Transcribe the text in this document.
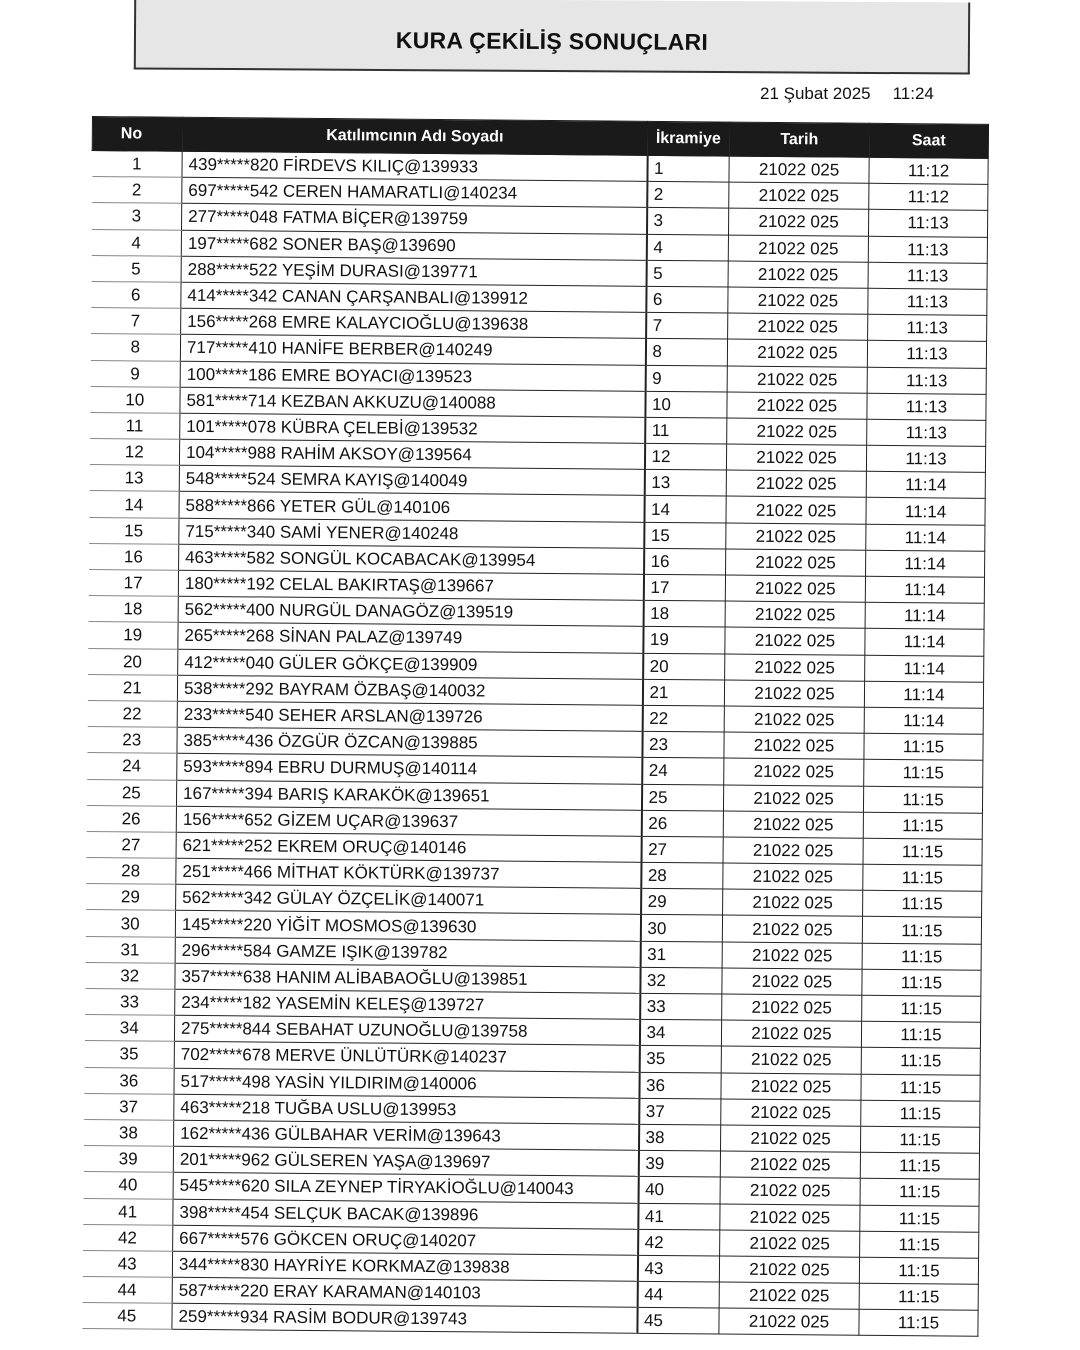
KURA ÇEKİLİŞ SONUÇLARI
21 Şubat 2025 11:24
No	Katılımcının Adı Soyadı	İkramiye	Tarih	Saat
1	439*****820 FİRDEVS KILIÇ@139933	1	21022 025	11:12
2	697*****542 CEREN HAMARATLI@140234	2	21022 025	11:12
3	277*****048 FATMA BİÇER@139759	3	21022 025	11:13
4	197*****682 SONER BAŞ@139690	4	21022 025	11:13
5	288*****522 YEŞİM DURASI@139771	5	21022 025	11:13
6	414*****342 CANAN ÇARŞANBALI@139912	6	21022 025	11:13
7	156*****268 EMRE KALAYCIOĞLU@139638	7	21022 025	11:13
8	717*****410 HANİFE BERBER@140249	8	21022 025	11:13
9	100*****186 EMRE BOYACI@139523	9	21022 025	11:13
10	581*****714 KEZBAN AKKUZU@140088	10	21022 025	11:13
11	101*****078 KÜBRA ÇELEBİ@139532	11	21022 025	11:13
12	104*****988 RAHİM AKSOY@139564	12	21022 025	11:13
13	548*****524 SEMRA KAYIŞ@140049	13	21022 025	11:14
14	588*****866 YETER GÜL@140106	14	21022 025	11:14
15	715*****340 SAMİ YENER@140248	15	21022 025	11:14
16	463*****582 SONGÜL KOCABACAK@139954	16	21022 025	11:14
17	180*****192 CELAL BAKIRTAŞ@139667	17	21022 025	11:14
18	562*****400 NURGÜL DANAGÖZ@139519	18	21022 025	11:14
19	265*****268 SİNAN PALAZ@139749	19	21022 025	11:14
20	412*****040 GÜLER GÖKÇE@139909	20	21022 025	11:14
21	538*****292 BAYRAM ÖZBAŞ@140032	21	21022 025	11:14
22	233*****540 SEHER ARSLAN@139726	22	21022 025	11:14
23	385*****436 ÖZGÜR ÖZCAN@139885	23	21022 025	11:15
24	593*****894 EBRU DURMUŞ@140114	24	21022 025	11:15
25	167*****394 BARIŞ KARAKÖK@139651	25	21022 025	11:15
26	156*****652 GİZEM UÇAR@139637	26	21022 025	11:15
27	621*****252 EKREM ORUÇ@140146	27	21022 025	11:15
28	251*****466 MİTHAT KÖKTÜRK@139737	28	21022 025	11:15
29	562*****342 GÜLAY ÖZÇELİK@140071	29	21022 025	11:15
30	145*****220 YİĞİT MOSMOS@139630	30	21022 025	11:15
31	296*****584 GAMZE IŞIK@139782	31	21022 025	11:15
32	357*****638 HANIM ALİBABAOĞLU@139851	32	21022 025	11:15
33	234*****182 YASEMİN KELEŞ@139727	33	21022 025	11:15
34	275*****844 SEBAHAT UZUNOĞLU@139758	34	21022 025	11:15
35	702*****678 MERVE ÜNLÜTÜRK@140237	35	21022 025	11:15
36	517*****498 YASİN YILDIRIM@140006	36	21022 025	11:15
37	463*****218 TUĞBA USLU@139953	37	21022 025	11:15
38	162*****436 GÜLBAHAR VERİM@139643	38	21022 025	11:15
39	201*****962 GÜLSEREN YAŞA@139697	39	21022 025	11:15
40	545*****620 SILA ZEYNEP TİRYAKİOĞLU@140043	40	21022 025	11:15
41	398*****454 SELÇUK BACAK@139896	41	21022 025	11:15
42	667*****576 GÖKCEN ORUÇ@140207	42	21022 025	11:15
43	344*****830 HAYRİYE KORKMAZ@139838	43	21022 025	11:15
44	587*****220 ERAY KARAMAN@140103	44	21022 025	11:15
45	259*****934 RASİM BODUR@139743	45	21022 025	11:15
